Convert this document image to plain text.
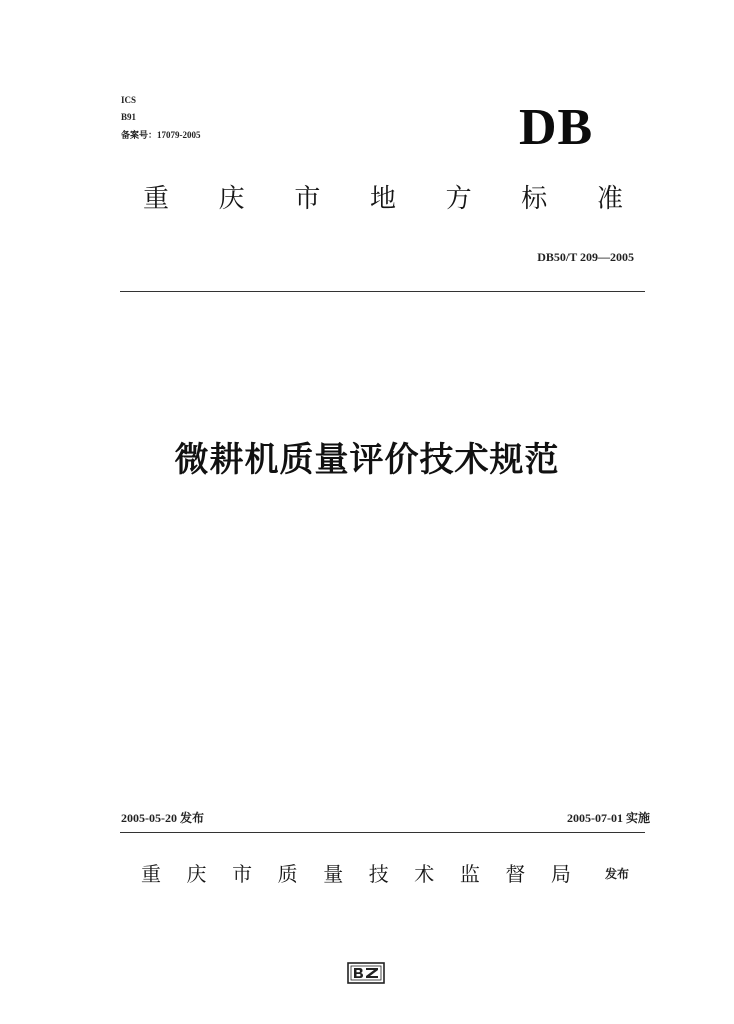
ICS
B91
备案号：17079-2005	DB
重 庆 市 地 方 标 准
DB50/T 209—2005
微耕机质量评价技术规范
2005-05-20 发布	2005-07-01 实施
重 庆 市 质 量 技 术 监 督 局	发布
